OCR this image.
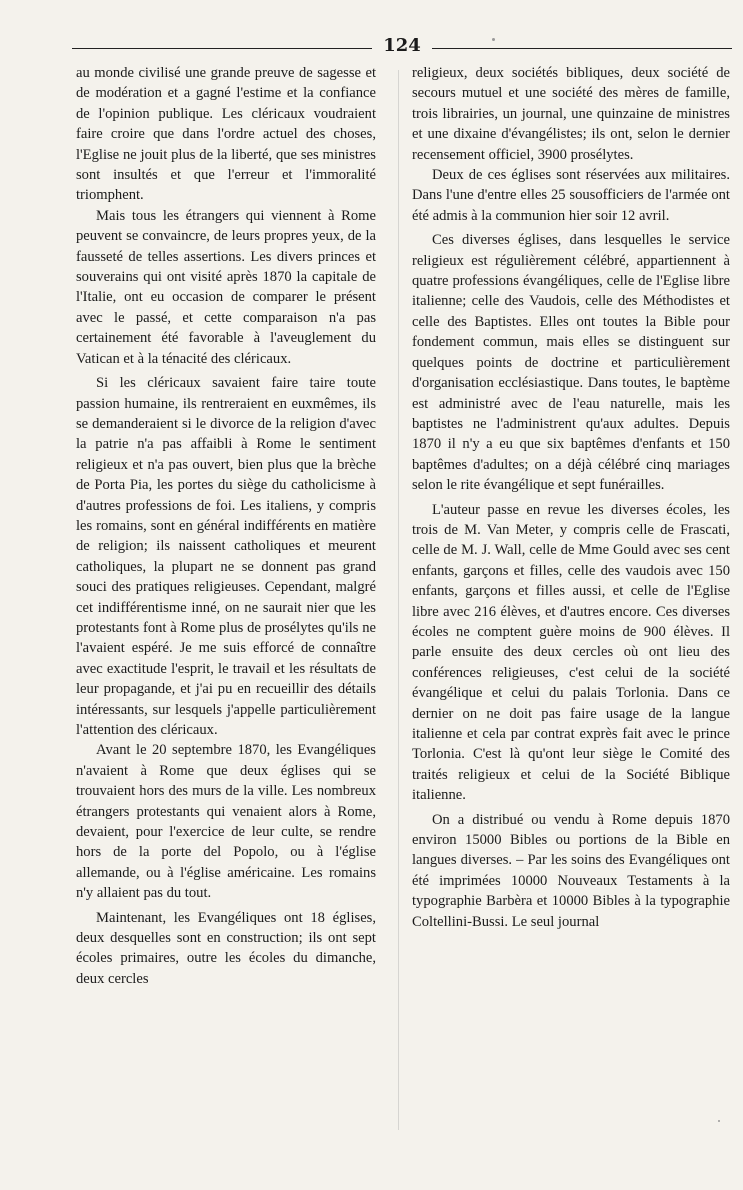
124

au monde civilisé une grande preuve de sagesse et de modération et a gagné l'estime et la confiance de l'opinion publique. Les cléricaux voudraient faire croire que dans l'ordre actuel des choses, l'Eglise ne jouit plus de la liberté, que ses ministres sont insultés et que l'erreur et l'immoralité triomphent.

Mais tous les étrangers qui viennent à Rome peuvent se convaincre, de leurs propres yeux, de la fausseté de telles assertions. Les divers princes et souverains qui ont visité après 1870 la capitale de l'Italie, ont eu occasion de comparer le présent avec le passé, et cette comparaison n'a pas certainement été favorable à l'aveuglement du Vatican et à la ténacité des cléricaux.

Si les cléricaux savaient faire taire toute passion humaine, ils rentreraient en euxmêmes, ils se demanderaient si le divorce de la religion d'avec la patrie n'a pas affaibli à Rome le sentiment religieux et n'a pas ouvert, bien plus que la brèche de Porta Pia, les portes du siège du catholicisme à d'autres professions de foi. Les italiens, y compris les romains, sont en général indifférents en matière de religion; ils naissent catholiques et meurent catholiques, la plupart ne se donnent pas grand souci des pratiques religieuses. Cependant, malgré cet indifférentisme inné, on ne saurait nier que les protestants font à Rome plus de prosélytes qu'ils ne l'avaient espéré. Je me suis efforcé de connaître avec exactitude l'esprit, le travail et les résultats de leur propagande, et j'ai pu en recueillir des détails intéressants, sur lesquels j'appelle particulièrement l'attention des cléricaux.

Avant le 20 septembre 1870, les Evangéliques n'avaient à Rome que deux églises qui se trouvaient hors des murs de la ville. Les nombreux étrangers protestants qui venaient alors à Rome, devaient, pour l'exercice de leur culte, se rendre hors de la porte del Popolo, ou à l'église allemande, ou à l'église américaine. Les romains n'y allaient pas du tout.

Maintenant, les Evangéliques ont 18 églises, deux desquelles sont en construction; ils ont sept écoles primaires, outre les écoles du dimanche, deux cercles

religieux, deux sociétés bibliques, deux société de secours mutuel et une société des mères de famille, trois librairies, un journal, une quinzaine de ministres et une dixaine d'évangélistes; ils ont, selon le dernier recensement officiel, 3900 prosélytes.

Deux de ces églises sont réservées aux militaires. Dans l'une d'entre elles 25 sousofficiers de l'armée ont été admis à la communion hier soir 12 avril.

Ces diverses églises, dans lesquelles le service religieux est régulièrement célébré, appartiennent à quatre professions évangéliques, celle de l'Eglise libre italienne; celle des Vaudois, celle des Méthodistes et celle des Baptistes. Elles ont toutes la Bible pour fondement commun, mais elles se distinguent sur quelques points de doctrine et particulièrement d'organisation ecclésiastique. Dans toutes, le baptème est administré avec de l'eau naturelle, mais les baptistes ne l'administrent qu'aux adultes. Depuis 1870 il n'y a eu que six baptêmes d'enfants et 150 baptêmes d'adultes; on a déjà célébré cinq mariages selon le rite évangélique et sept funérailles.

L'auteur passe en revue les diverses écoles, les trois de M. Van Meter, y compris celle de Frascati, celle de M. J. Wall, celle de Mme Gould avec ses cent enfants, garçons et filles, celle des vaudois avec 150 enfants, garçons et filles aussi, et celle de l'Eglise libre avec 216 élèves, et d'autres encore. Ces diverses écoles ne comptent guère moins de 900 élèves. Il parle ensuite des deux cercles où ont lieu des conférences religieuses, c'est celui de la société évangélique et celui du palais Torlonia. Dans ce dernier on ne doit pas faire usage de la langue italienne et cela par contrat exprès fait avec le prince Torlonia. C'est là qu'ont leur siège le Comité des traités religieux et celui de la Société Biblique italienne.

On a distribué ou vendu à Rome depuis 1870 environ 15000 Bibles ou portions de la Bible en langues diverses. – Par les soins des Evangéliques ont été imprimées 10000 Nouveaux Testaments à la typographie Barbèra et 10000 Bibles à la typographie Coltellini-Bussi. Le seul journal
